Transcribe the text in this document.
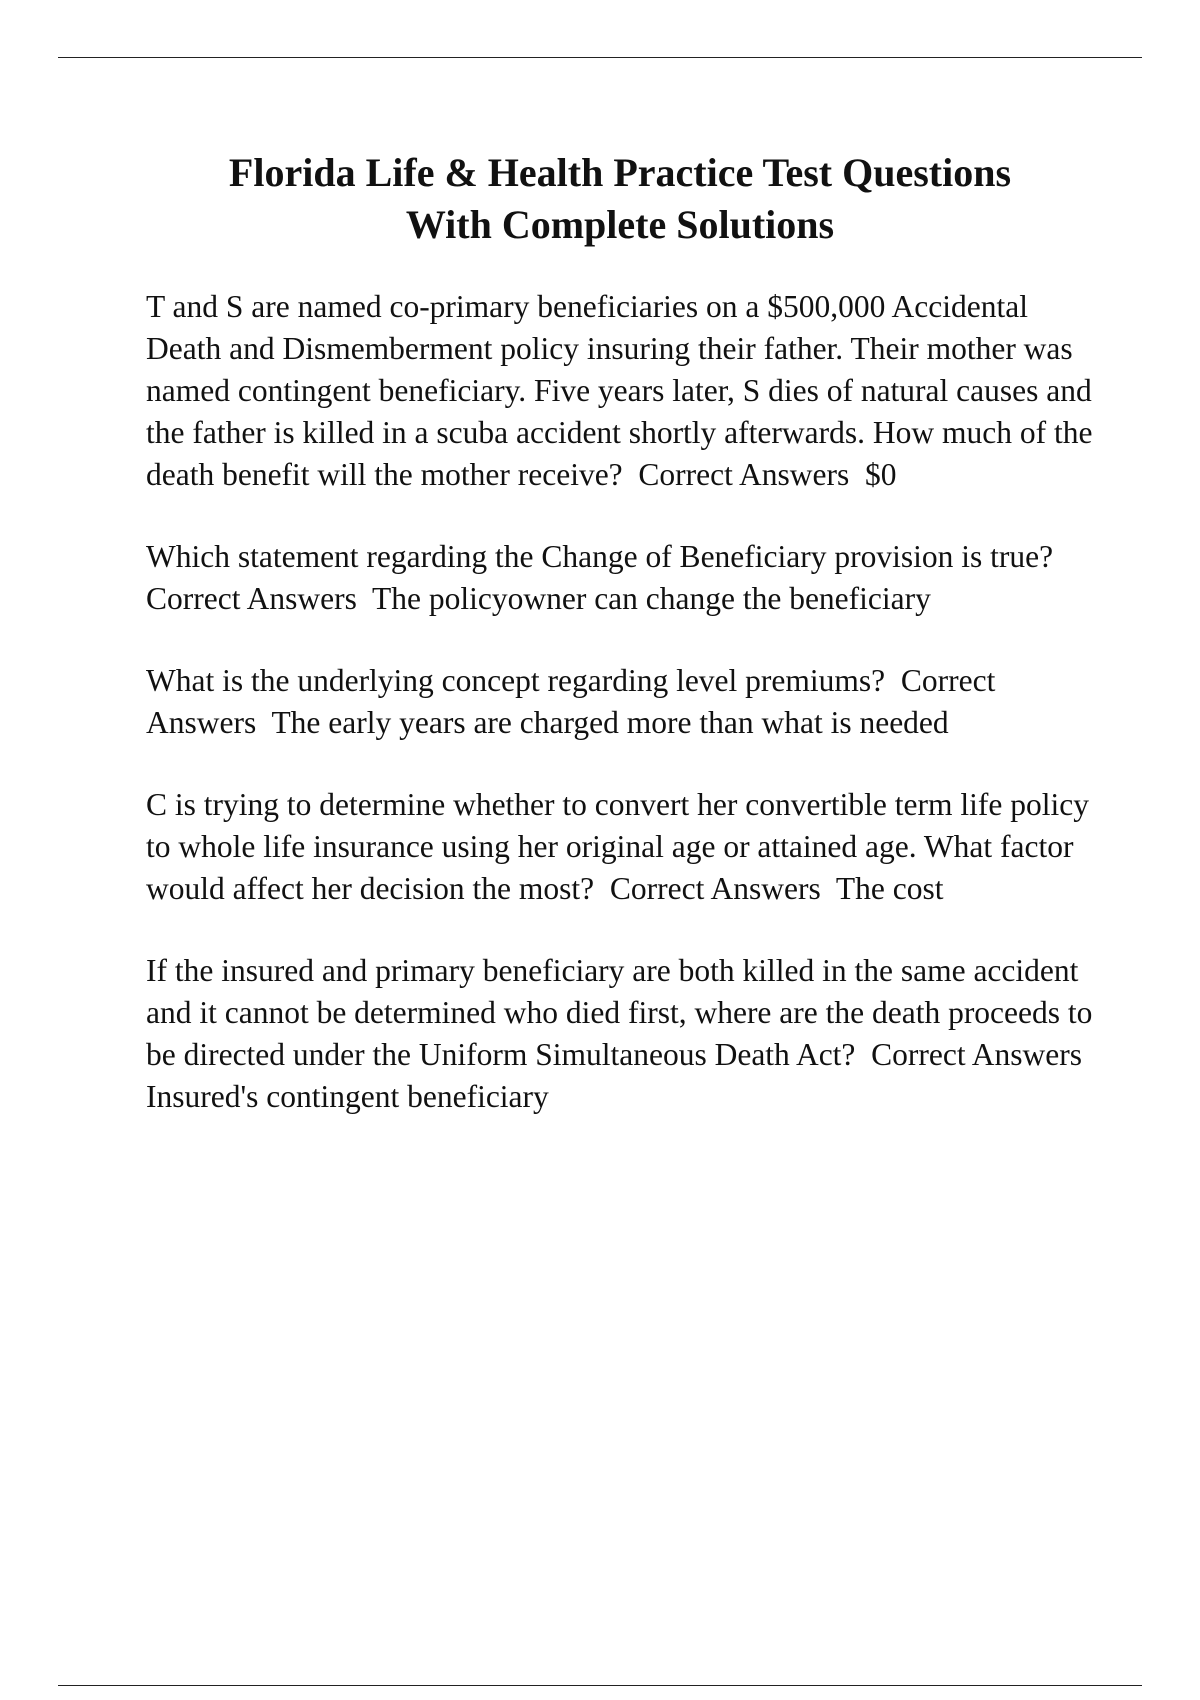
Florida Life & Health Practice Test Questions
With Complete Solutions

T and S are named co-primary beneficiaries on a $500,000 Accidental Death and Dismemberment policy insuring their father. Their mother was named contingent beneficiary. Five years later, S dies of natural causes and the father is killed in a scuba accident shortly afterwards. How much of the death benefit will the mother receive? Correct Answers $0

Which statement regarding the Change of Beneficiary provision is true?  Correct Answers The policyowner can change the beneficiary

What is the underlying concept regarding level premiums? Correct Answers The early years are charged more than what is needed

C is trying to determine whether to convert her convertible term life policy to whole life insurance using her original age or attained age. What factor would affect her decision the most? Correct Answers The cost

If the insured and primary beneficiary are both killed in the same accident and it cannot be determined who died first, where are the death proceeds to be directed under the Uniform Simultaneous Death Act? Correct Answers  Insured's contingent beneficiary
